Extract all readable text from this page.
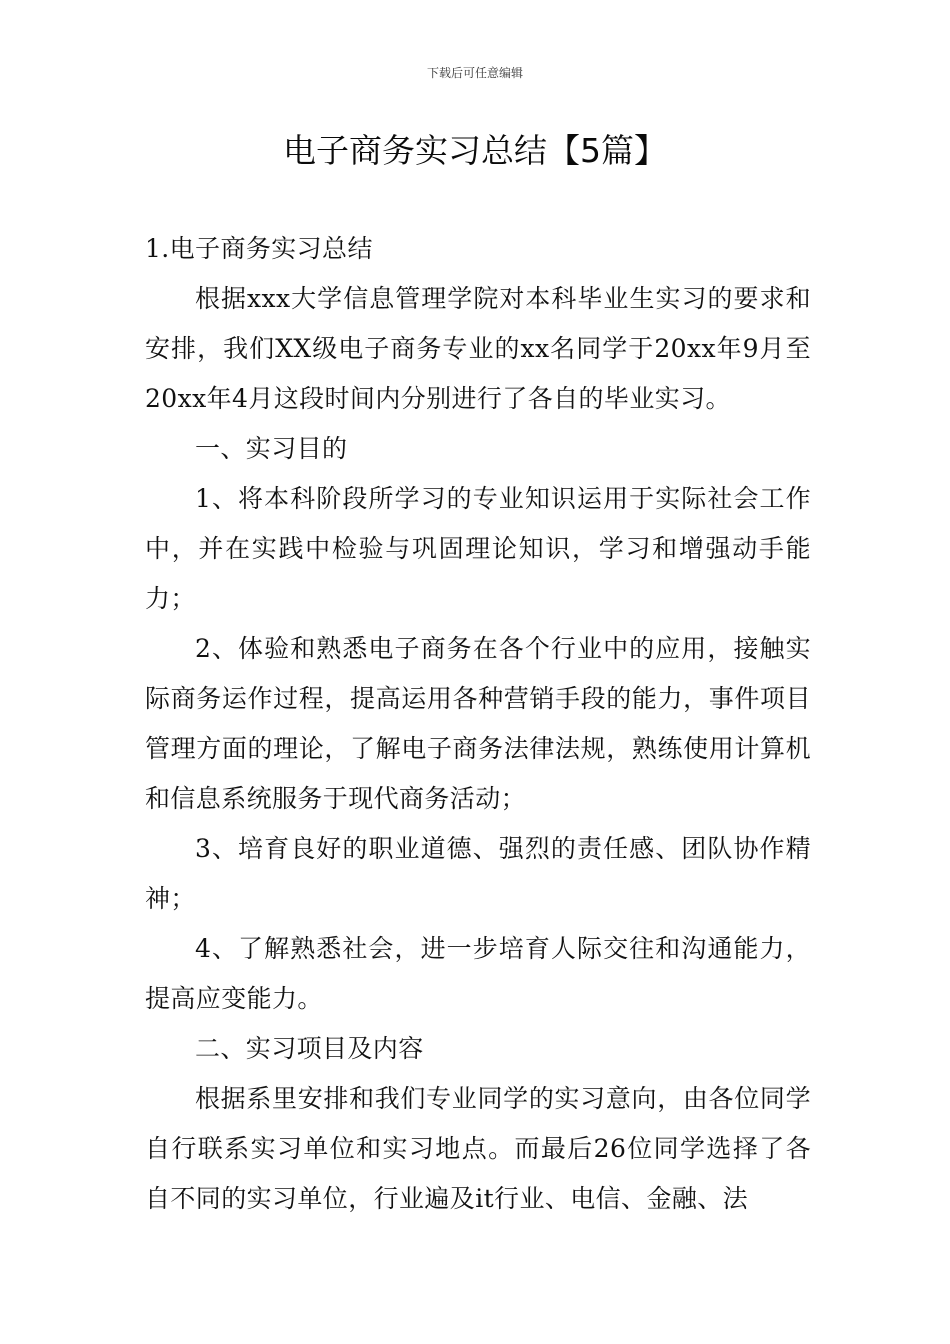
下载后可任意编辑
电子商务实习总结【5篇】

1.电子商务实习总结

根据xxx大学信息管理学院对本科毕业生实习的要求和安排，我们XX级电子商务专业的xx名同学于20xx年9月至20xx年4月这段时间内分别进行了各自的毕业实习。

一、实习目的

1、将本科阶段所学习的专业知识运用于实际社会工作中，并在实践中检验与巩固理论知识，学习和增强动手能力；

2、体验和熟悉电子商务在各个行业中的应用，接触实际商务运作过程，提高运用各种营销手段的能力，事件项目管理方面的理论，了解电子商务法律法规，熟练使用计算机和信息系统服务于现代商务活动；

3、培育良好的职业道德、强烈的责任感、团队协作精神；

4、了解熟悉社会，进一步培育人际交往和沟通能力，提高应变能力。

二、实习项目及内容

根据系里安排和我们专业同学的实习意向，由各位同学自行联系实习单位和实习地点。而最后26位同学选择了各自不同的实习单位，行业遍及it行业、电信、金融、法
